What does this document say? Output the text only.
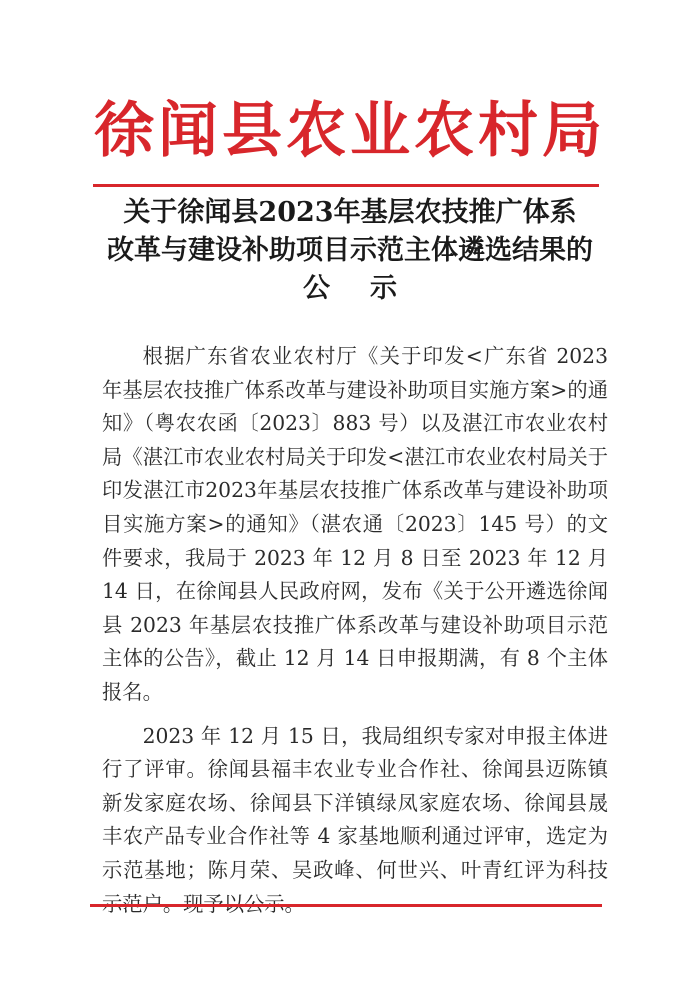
徐闻县农业农村局
关于徐闻县2023年基层农技推广体系
改革与建设补助项目示范主体遴选结果的
公示

根据广东省农业农村厅《关于印发<广东省 2023 年基层农技推广体系改革与建设补助项目实施方案>的通知》（粤农农函〔2023〕883 号）以及湛江市农业农村局《湛江市农业农村局关于印发<湛江市农业农村局关于印发湛江市2023年基层农技推广体系改革与建设补助项目实施方案>的通知》（湛农通〔2023〕145 号）的文件要求，我局于 2023 年 12 月 8 日至 2023 年 12 月 14 日，在徐闻县人民政府网，发布《关于公开遴选徐闻县 2023 年基层农技推广体系改革与建设补助项目示范主体的公告》，截止 12 月 14 日申报期满，有 8 个主体报名。

2023 年 12 月 15 日，我局组织专家对申报主体进行了评审。徐闻县福丰农业专业合作社、徐闻县迈陈镇新发家庭农场、徐闻县下洋镇绿凤家庭农场、徐闻县晟丰农产品专业合作社等 4 家基地顺利通过评审，选定为示范基地；陈月荣、吴政峰、何世兴、叶青红评为科技
